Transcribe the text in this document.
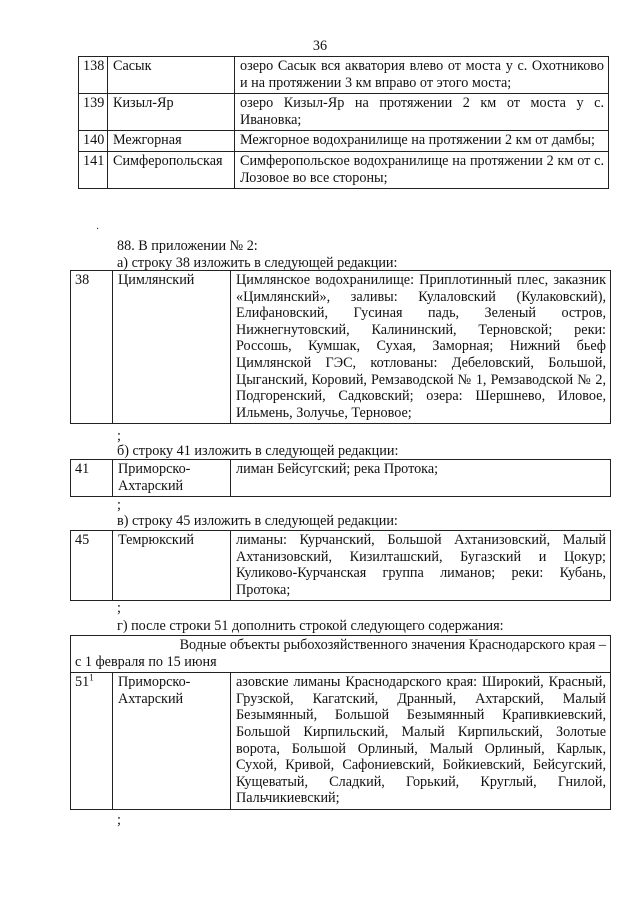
36
138	Сасык	озеро Сасык вся акватория влево от моста у с. Охотниково и на протяжении 3 км вправо от этого моста;
139	Кизыл-Яр	озеро Кизыл-Яр на протяжении 2 км от моста у с. Ивановка;
140	Межгорная	Межгорное водохранилище на протяжении 2 км от дамбы;
141	Симферопольская	Симферопольское водохранилище на протяжении 2 км от с. Лозовое во все стороны;
·
88. В приложении № 2:
а) строку 38 изложить в следующей редакции:
38	Цимлянский	Цимлянское водохранилище: Приплотинный плес, заказник «Цимлянский», заливы: Кулаловский (Кулаковский), Елифановский, Гусиная падь, Зеленый остров, Нижнегнутовский, Калининский, Терновской; реки: Россошь, Кумшак, Сухая, Заморная; Нижний бьеф Цимлянской ГЭС, котлованы: Дебеловский, Большой, Цыганский, Коровий, Ремзаводской № 1, Ремзаводской № 2, Подгоренский, Садковский; озера: Шершнево, Иловое, Ильмень, Золучье, Терновое;
;
б) строку 41 изложить в следующей редакции:
41	Приморско-Ахтарский	лиман Бейсугский; река Протока;
;
в) строку 45 изложить в следующей редакции:
45	Темрюкский	лиманы: Курчанский, Большой Ахтанизовский, Малый Ахтанизовский, Кизилташский, Бугазский и Цокур; Куликово-Курчанская группа лиманов; реки: Кубань, Протока;
;
г) после строки 51 дополнить строкой следующего содержания:
Водные объекты рыбохозяйственного значения Краснодарского края –
с 1 февраля по 15 июня

$51^1$	Приморско-Ахтарский	азовские лиманы Краснодарского края: Широкий, Красный, Грузской, Кагатский, Дранный, Ахтарский, Малый Безымянный, Большой Безымянный Крапивкиевский, Большой Кирпильский, Малый Кирпильский, Золотые ворота, Большой Орлиный, Малый Орлиный, Карлык, Сухой, Кривой, Сафониевский, Бойкиевский, Бейсугский, Кущеватый, Сладкий, Горький, Круглый, Гнилой, Пальчикиевский;
;
